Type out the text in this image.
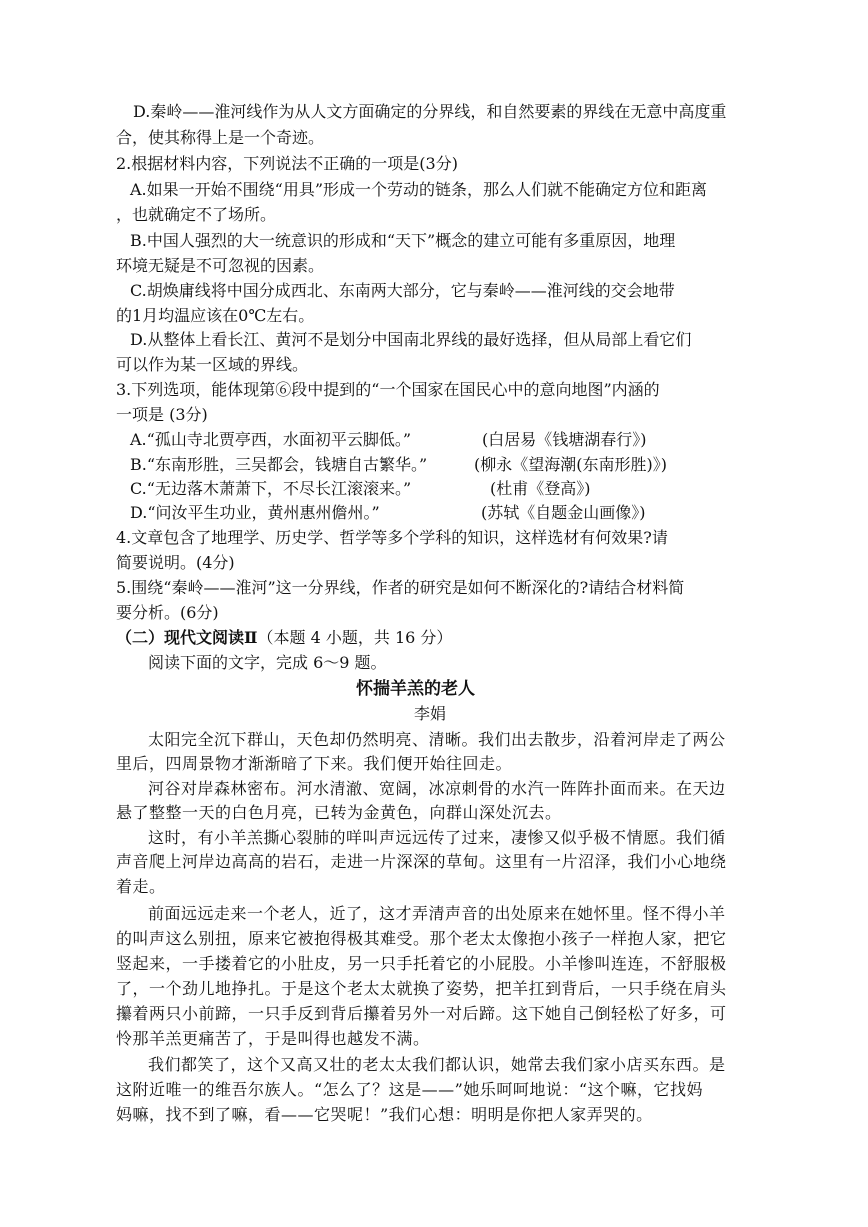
D.秦岭——淮河线作为从人文方面确定的分界线，和自然要素的界线在无意中高度重
合，使其称得上是一个奇迹。
2.根据材料内容，下列说法不正确的一项是(3分)
A.如果一开始不围绕“用具”形成一个劳动的链条，那么人们就不能确定方位和距离
，也就确定不了场所。
B.中国人强烈的大一统意识的形成和“天下”概念的建立可能有多重原因，地理
环境无疑是不可忽视的因素。
C.胡焕庸线将中国分成西北、东南两大部分，它与秦岭——淮河线的交会地带
的1月均温应该在0℃左右。
D.从整体上看长江、黄河不是划分中国南北界线的最好选择，但从局部上看它们
可以作为某一区域的界线。
3.下列选项，能体现第⑥段中提到的“一个国家在国民心中的意向地图”内涵的
一项是 (3分)
A.“孤山寺北贾亭西，水面初平云脚低。”	(白居易《钱塘湖春行》)
B.“东南形胜，三吴都会，钱塘自古繁华。”	(柳永《望海潮(东南形胜)》)
C.“无边落木萧萧下，不尽长江滚滚来。”	(杜甫《登高》)
D.“问汝平生功业，黄州惠州儋州。”	(苏轼《自题金山画像》)
4.文章包含了地理学、历史学、哲学等多个学科的知识，这样选材有何效果?请
简要说明。(4分)
5.围绕“秦岭——淮河”这一分界线，作者的研究是如何不断深化的?请结合材料简
要分析。(6分)
（二）现代文阅读Ⅱ（本题 4 小题，共 16 分）
阅读下面的文字，完成 6～9 题。
怀揣羊羔的老人
李娟
太阳完全沉下群山，天色却仍然明亮、清晰。我们出去散步，沿着河岸走了两公
里后，四周景物才渐渐暗了下来。我们便开始往回走。
河谷对岸森林密布。河水清澈、宽阔，冰凉刺骨的水汽一阵阵扑面而来。在天边
悬了整整一天的白色月亮，已转为金黄色，向群山深处沉去。
这时，有小羊羔撕心裂肺的咩叫声远远传了过来，凄惨又似乎极不情愿。我们循
声音爬上河岸边高高的岩石，走进一片深深的草甸。这里有一片沼泽，我们小心地绕
着走。
前面远远走来一个老人，近了，这才弄清声音的出处原来在她怀里。怪不得小羊
的叫声这么别扭，原来它被抱得极其难受。那个老太太像抱小孩子一样抱人家，把它
竖起来，一手搂着它的小肚皮，另一只手托着它的小屁股。小羊惨叫连连，不舒服极
了，一个劲儿地挣扎。于是这个老太太就换了姿势，把羊扛到背后，一只手绕在肩头
攥着两只小前蹄，一只手反到背后攥着另外一对后蹄。这下她自己倒轻松了好多，可
怜那羊羔更痛苦了，于是叫得也越发不满。
我们都笑了，这个又高又壮的老太太我们都认识，她常去我们家小店买东西。是
这附近唯一的维吾尔族人。“怎么了？这是——”她乐呵呵地说：“这个嘛，它找妈
妈嘛，找不到了嘛，看——它哭呢！”我们心想：明明是你把人家弄哭的。
